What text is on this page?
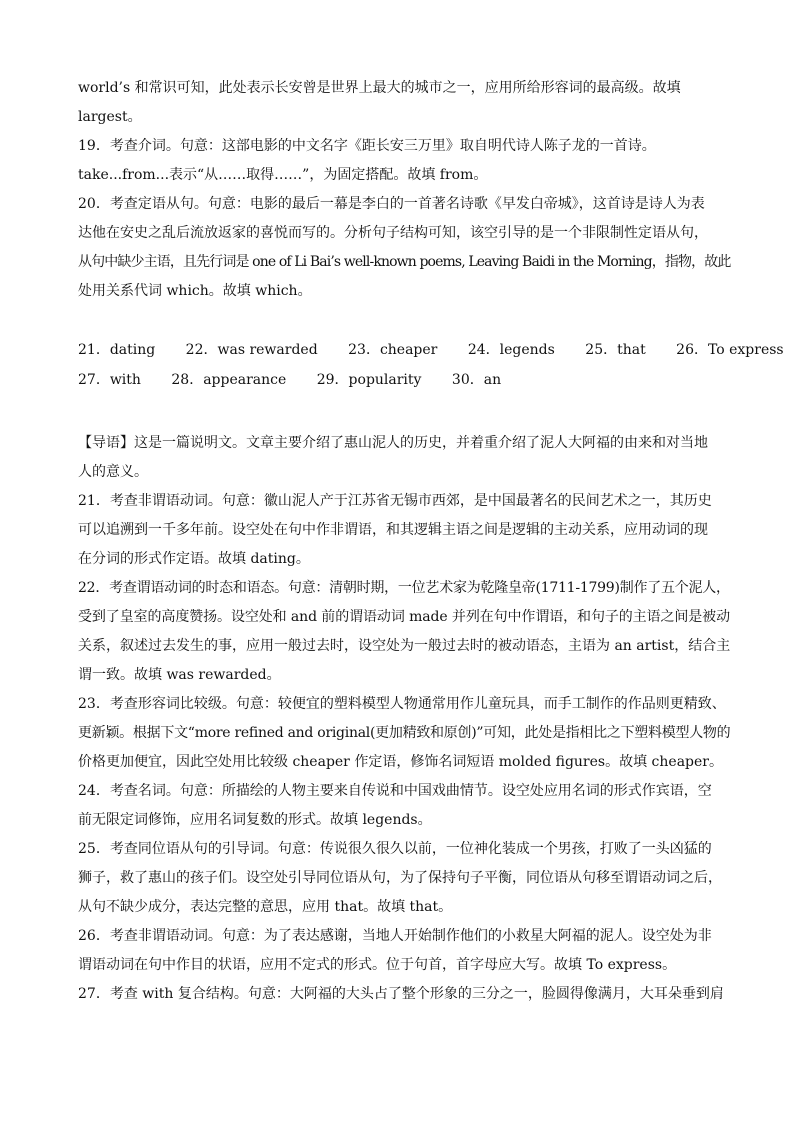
world’s 和常识可知，此处表示长安曾是世界上最大的城市之一，应用所给形容词的最高级。故填
largest。
19．考查介词。句意：这部电影的中文名字《距长安三万里》取自明代诗人陈子龙的一首诗。
take...from...表示“从……取得……”，为固定搭配。故填 from。
20．考查定语从句。句意：电影的最后一幕是李白的一首著名诗歌《早发白帝城》，这首诗是诗人为表
达他在安史之乱后流放返家的喜悦而写的。分析句子结构可知，该空引导的是一个非限制性定语从句，
从句中缺少主语，且先行词是 one of Li Bai’s well-known poems, Leaving Baidi in the Morning，指物，故此
处用关系代词 which。故填 which。
21．dating 22．was rewarded 23．cheaper 24．legends 25．that 26．To express
27．with 28．appearance 29．popularity 30．an
【导语】这是一篇说明文。文章主要介绍了惠山泥人的历史，并着重介绍了泥人大阿福的由来和对当地
人的意义。
21．考查非谓语动词。句意：徽山泥人产于江苏省无锡市西郊，是中国最著名的民间艺术之一，其历史
可以追溯到一千多年前。设空处在句中作非谓语，和其逻辑主语之间是逻辑的主动关系，应用动词的现
在分词的形式作定语。故填 dating。
22．考查谓语动词的时态和语态。句意：清朝时期，一位艺术家为乾隆皇帝(1711-1799)制作了五个泥人，
受到了皇室的高度赞扬。设空处和 and 前的谓语动词 made 并列在句中作谓语，和句子的主语之间是被动
关系，叙述过去发生的事，应用一般过去时，设空处为一般过去时的被动语态，主语为 an artist，结合主
谓一致。故填 was rewarded。
23．考查形容词比较级。句意：较便宜的塑料模型人物通常用作儿童玩具，而手工制作的作品则更精致、
更新颖。根据下文“more refined and original(更加精致和原创)”可知，此处是指相比之下塑料模型人物的
价格更加便宜，因此空处用比较级 cheaper 作定语，修饰名词短语 molded figures。故填 cheaper。
24．考查名词。句意：所描绘的人物主要来自传说和中国戏曲情节。设空处应用名词的形式作宾语，空
前无限定词修饰，应用名词复数的形式。故填 legends。
25．考查同位语从句的引导词。句意：传说很久很久以前，一位神化装成一个男孩，打败了一头凶猛的
狮子，救了惠山的孩子们。设空处引导同位语从句，为了保持句子平衡，同位语从句移至谓语动词之后，
从句不缺少成分，表达完整的意思，应用 that。故填 that。
26．考查非谓语动词。句意：为了表达感谢，当地人开始制作他们的小救星大阿福的泥人。设空处为非
谓语动词在句中作目的状语，应用不定式的形式。位于句首，首字母应大写。故填 To express。
27．考查 with 复合结构。句意：大阿福的大头占了整个形象的三分之一，脸圆得像满月，大耳朵垂到肩
